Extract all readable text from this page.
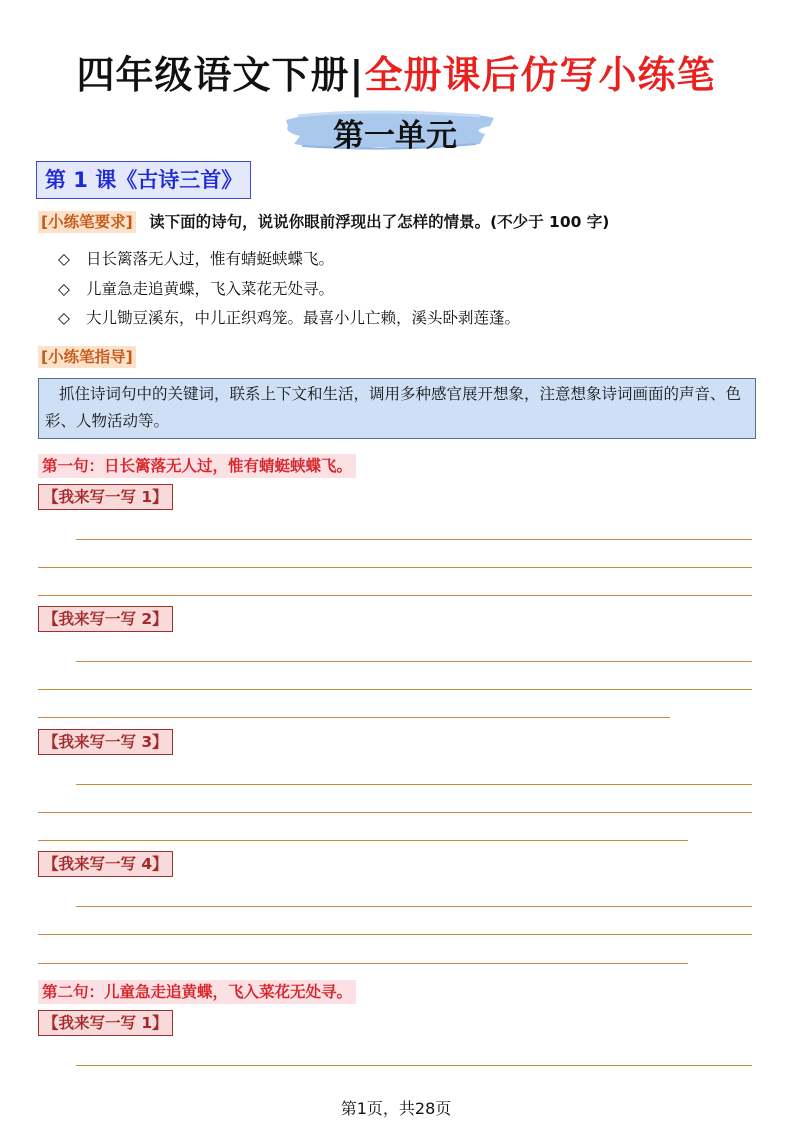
四年级语文下册|全册课后仿写小练笔
第一单元
第 1 课《古诗三首》
[小练笔要求] 读下面的诗句，说说你眼前浮现出了怎样的情景。(不少于 100 字)
◇ 日长篱落无人过，惟有蜻蜓蛱蝶飞。
◇ 儿童急走追黄蝶，飞入菜花无处寻。
◇ 大儿锄豆溪东，中儿正织鸡笼。最喜小儿亡赖，溪头卧剥莲蓬。
[小练笔指导]
抓住诗词句中的关键词，联系上下文和生活，调用多种感官展开想象，注意想象诗词画面的声音、色彩、人物活动等。
第一句：日长篱落无人过，惟有蜻蜓蛱蝶飞。
【我来写一写 1】
【我来写一写 2】
【我来写一写 3】
【我来写一写 4】
第二句：儿童急走追黄蝶，飞入菜花无处寻。
【我来写一写 1】
第1页，共28页
